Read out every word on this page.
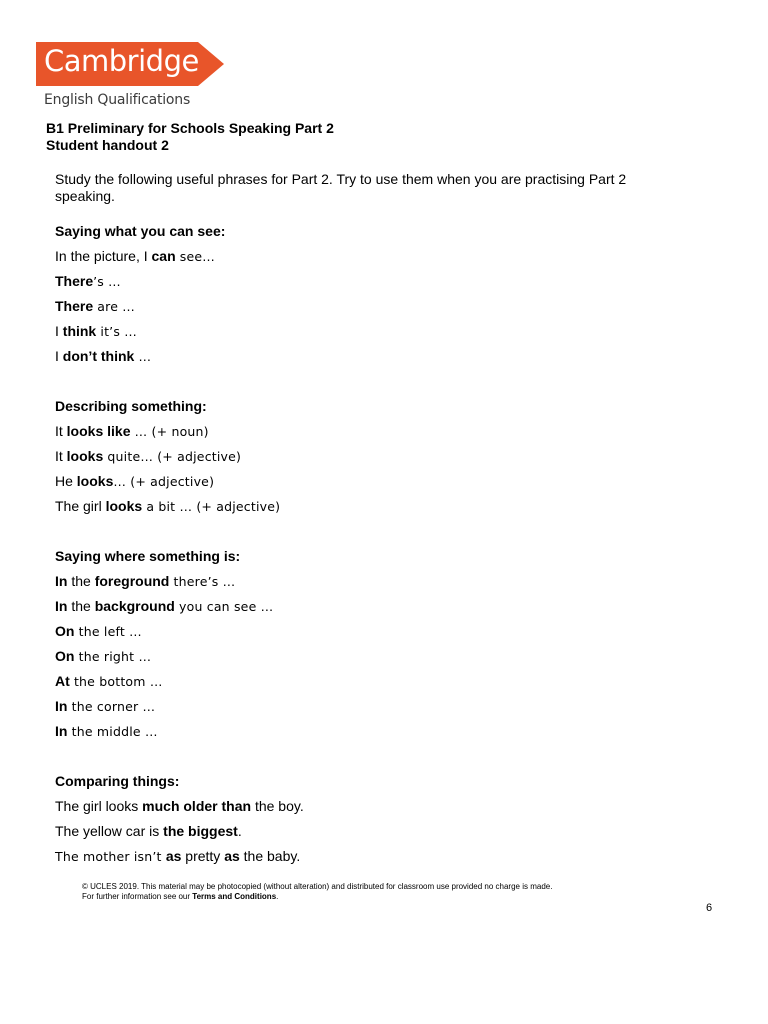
Cambridge
English Qualifications
B1 Preliminary for Schools Speaking Part 2
Student handout 2
Study the following useful phrases for Part 2. Try to use them when you are practising Part 2 speaking.
Saying what you can see:
In the picture, I can see…
There’s …
There are …
I think it’s …
I don’t think …
Describing something:
It looks like … (+ noun)
It looks quite… (+ adjective)
He looks… (+ adjective)
The girl looks a bit … (+ adjective)
Saying where something is:
In the foreground there’s …
In the background you can see …
On the left …
On the right …
At the bottom …
In the corner …
In the middle …
Comparing things:
The girl looks much older than the boy.
The yellow car is the biggest.
The mother isn’t as pretty as the baby.
© UCLES 2019. This material may be photocopied (without alteration) and distributed for classroom use provided no charge is made.
For further information see our Terms and Conditions.
6
